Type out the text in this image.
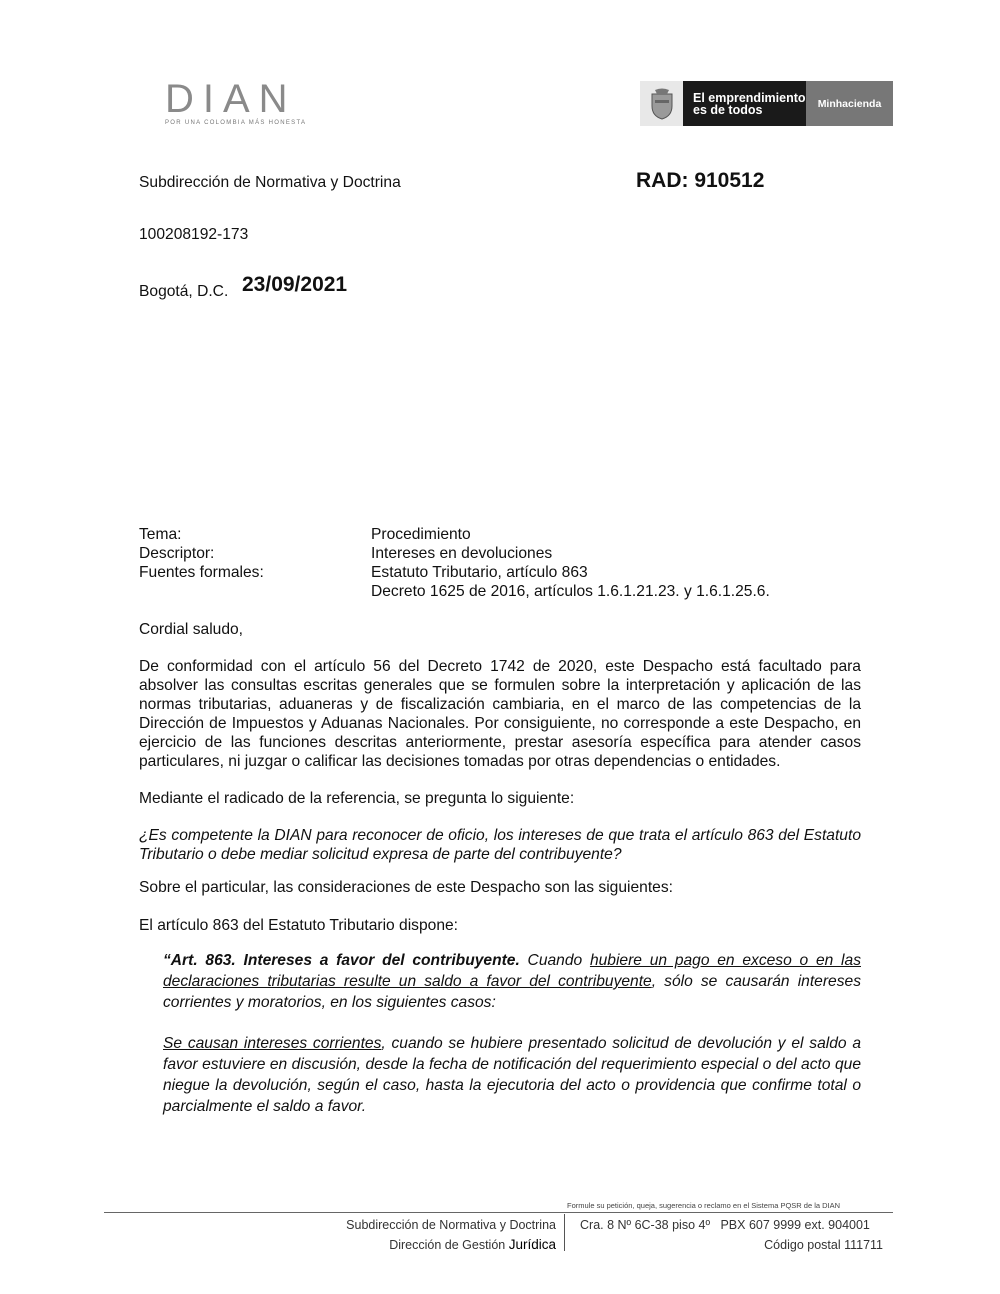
DIAN
POR UNA COLOMBIA MÁS HONESTA
El emprendimiento
es de todos	Minhacienda
Subdirección de Normativa y Doctrina	RAD: 910512
100208192-173
Bogotá, D.C. 23/09/2021
Tema:	Procedimiento
Descriptor:	Intereses en devoluciones
Fuentes formales:	Estatuto Tributario, artículo 863
Decreto 1625 de 2016, artículos 1.6.1.21.23. y 1.6.1.25.6.
Cordial saludo,
De conformidad con el artículo 56 del Decreto 1742 de 2020, este Despacho está facultado para absolver las consultas escritas generales que se formulen sobre la interpretación y aplicación de las normas tributarias, aduaneras y de fiscalización cambiaria, en el marco de las competencias de la Dirección de Impuestos y Aduanas Nacionales. Por consiguiente, no corresponde a este Despacho, en ejercicio de las funciones descritas anteriormente, prestar asesoría específica para atender casos particulares, ni juzgar o calificar las decisiones tomadas por otras dependencias o entidades.
Mediante el radicado de la referencia, se pregunta lo siguiente:
¿Es competente la DIAN para reconocer de oficio, los intereses de que trata el artículo 863 del Estatuto Tributario o debe mediar solicitud expresa de parte del contribuyente?
Sobre el particular, las consideraciones de este Despacho son las siguientes:
El artículo 863 del Estatuto Tributario dispone:
“Art. 863. Intereses a favor del contribuyente. Cuando hubiere un pago en exceso o en las declaraciones tributarias resulte un saldo a favor del contribuyente, sólo se causarán intereses corrientes y moratorios, en los siguientes casos:
Se causan intereses corrientes, cuando se hubiere presentado solicitud de devolución y el saldo a favor estuviere en discusión, desde la fecha de notificación del requerimiento especial o del acto que niegue la devolución, según el caso, hasta la ejecutoria del acto o providencia que confirme total o parcialmente el saldo a favor.
Formule su petición, queja, sugerencia o reclamo en el Sistema PQSR de la DIAN
Subdirección de Normativa y Doctrina
Dirección de Gestión Jurídica
Cra. 8 Nº 6C-38 piso 4º PBX 607 9999 ext. 904001
Código postal 111711
